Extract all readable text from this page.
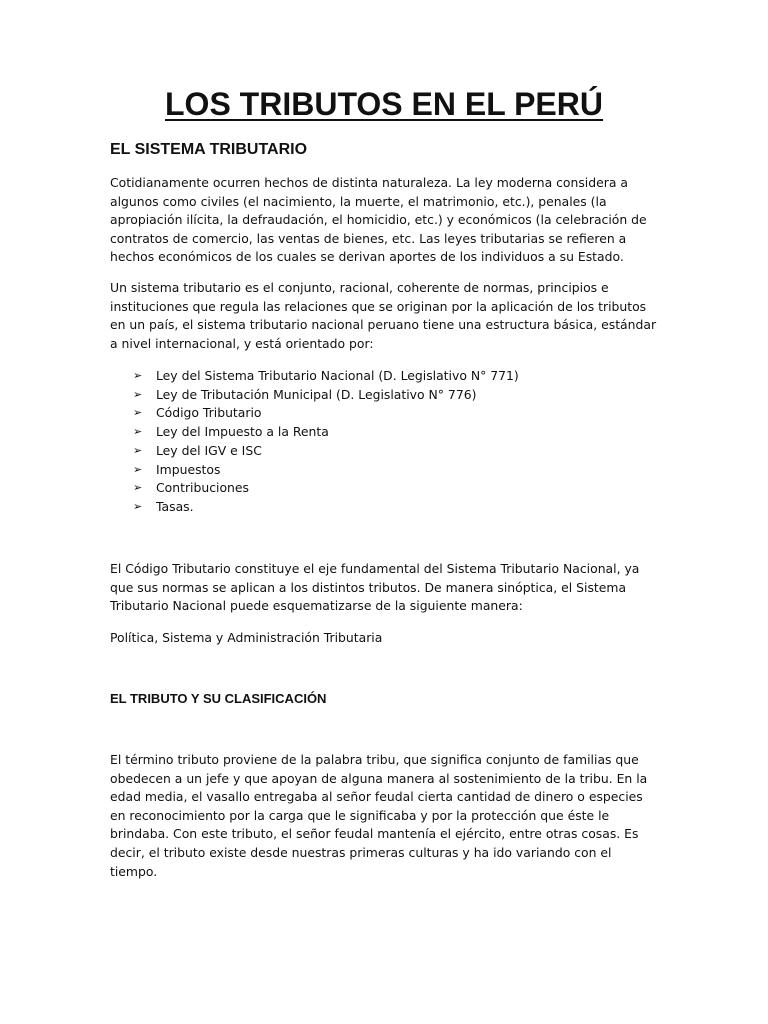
LOS TRIBUTOS EN EL PERÚ
EL SISTEMA TRIBUTARIO

Cotidianamente ocurren hechos de distinta naturaleza. La ley moderna considera a algunos como civiles (el nacimiento, la muerte, el matrimonio, etc.), penales (la apropiación ilícita, la defraudación, el homicidio, etc.) y económicos (la celebración de contratos de comercio, las ventas de bienes, etc. Las leyes tributarias se refieren a hechos económicos de los cuales se derivan aportes de los individuos a su Estado.

Un sistema tributario es el conjunto, racional, coherente de normas, principios e instituciones que regula las relaciones que se originan por la aplicación de los tributos en un país, el sistema tributario nacional peruano tiene una estructura básica, estándar a nivel internacional, y está orientado por:

➢ Ley del Sistema Tributario Nacional (D. Legislativo N° 771)
➢ Ley de Tributación Municipal (D. Legislativo N° 776)
➢ Código Tributario
➢ Ley del Impuesto a la Renta
➢ Ley del IGV e ISC
➢ Impuestos
➢ Contribuciones
➢ Tasas.

El Código Tributario constituye el eje fundamental del Sistema Tributario Nacional, ya que sus normas se aplican a los distintos tributos. De manera sinóptica, el Sistema Tributario Nacional puede esquematizarse de la siguiente manera:

Política, Sistema y Administración Tributaria

EL TRIBUTO Y SU CLASIFICACIÓN

El término tributo proviene de la palabra tribu, que significa conjunto de familias que obedecen a un jefe y que apoyan de alguna manera al sostenimiento de la tribu. En la edad media, el vasallo entregaba al señor feudal cierta cantidad de dinero o especies en reconocimiento por la carga que le significaba y por la protección que éste le brindaba. Con este tributo, el señor feudal mantenía el ejército, entre otras cosas. Es decir, el tributo existe desde nuestras primeras culturas y ha ido variando con el tiempo.
